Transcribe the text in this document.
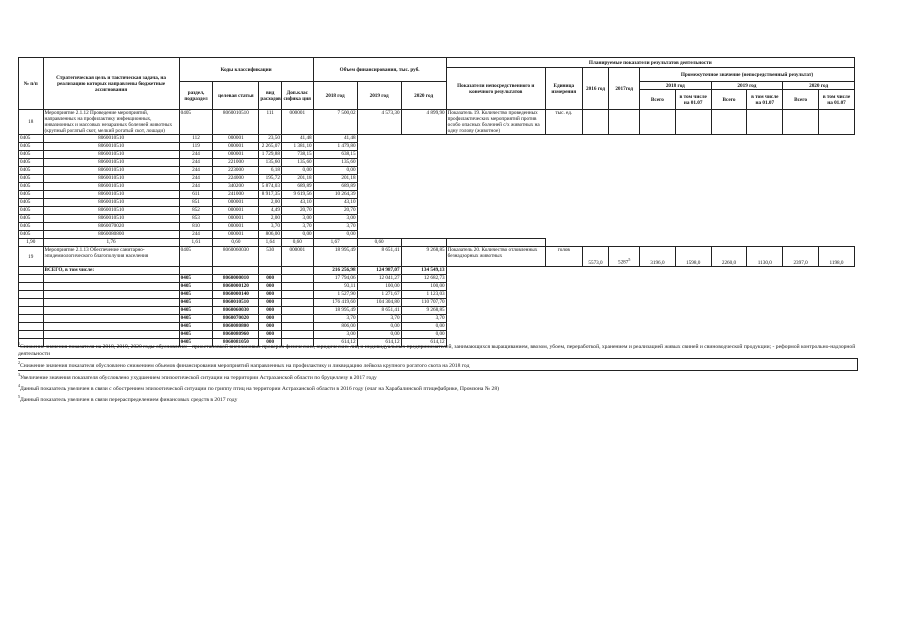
№ п/п	Стратегическая цель и тактическая задача, на реализацию которых направлены бюджетные ассигнования	Коды классификации				Объем финансирования, тыс. руб.			Планируемые показатели результатов деятельности									
									Показатели непосредственного и конечного результатов	Единица измерения	2016 год	2017год	Промежуточное значение (непосредственный результат)					
		раздел, подраздел	целевая статья	вид расходов	Доп.клас сифика ция	2018 год	2019 год	2020 год					2018 год		2019 год		2020 год	
													Всего	в том числе на 01.07	Всего	в том числе на 01.07	Всего	в том числе на 01.07
18	Мероприятие 2.1.12 Проведение мероприятий, направленных на профилактику инфекционных, инвазионных и массовых незаразных болезней животных (крупный рогатый скот, мелкий рогатый скот, лошади)	0405	8060010510	111	000001	7 500,02	4 573,30	4 899,90	Показатель 19. Количество проведенных профилактических мероприятий против особо опасных болезней с/х животных на одну голову (животное)	тыс. ед.								
0405	8060010510	112	000001	23,50	41,48	41,48												
0405	8060010510	119	000001	2 265,07	1 381,10	1 479,80												
0405	8060010510	244	000001	1 729,88	738,15	638,15												
0405	8060010510	244	221000	135,60	135,60	135,60												
0405	8060010510	244	223000	6,18	0,00	0,00												
0405	8060010510	244	224000	195,72	201,18	201,18												
0405	8060010510	244	340200	5 874,03	689,89	689,89												
0405	8060010510	611	241000	8 917,35	9 619,56	10 264,39												
0405	8060010510	851	000001	2,00	43,10	43,10												
0405	8060010510	852	000001	4,49	20,70	20,70												
0405	8060010510	853	000001	2,00	3,00	3,00												
0405	8060070020	810	000001	3,70	3,70	3,70												
0405	8060080800	244	000001	806,00	0,00	0,00												
1,90	1,76	1,61	0,60	1,64	0,60	1,67	0,60											
19	Мероприятие 2.1.13 Обеспечение санитарно-эпидемиологического благополучия населения	0405	8060060030	530	000001	18 995,49	8 651,41	9 268,85	Показатель 20. Количество отловленных безнадзорных животных	голов	5573,0	5287$^5$	3196,0	1598,0	2260,0	1130,0	2397,0	1198,0
	ВСЕГО, в том числе:					216 256,98	124 987,07	134 549,13										
		0405	8060000010	000		17 794,06	12 041,27	12 682,73										
		0405	8060000120	000		93,11	100,00	100,00										
		0405	8060000140	000		1 527,90	1 271,67	1 123,03										
		0405	8060010510	000		176 419,60	104 304,80	110 707,70										
		0405	8060060030	000		18 995,49	8 651,41	9 268,85										
		0405	8060070020	000		3,70	3,70	3,70										
		0405	8060080800	000		806,00	0,00	0,00										
		0405	8060080960	000		3,00	0,00	0,00										
		0405	8060081050	000		614,12	614,12	614,12										
$^1$Снижение значения показателя на 2018, 2019, 2020 годы обусловлено: - приостановкой внеплановых проверок физических, юридических лиц и индивидуальных предпринимателей, занимающихся выращиванием, ввозом, убоем, переработкой, хранением и реализацией живых свиней и свиноводческой продукции; - реформой контрольно-надзорной деятельности
$^2$Снижение значения показателя обусловлено снижением объемов финансирования мероприятий направленных на профилактику и ликвидацию лейкоза крупного рогатого скота на 2018 год
$^3$Увеличение значения показателя обусловлено ухудшением эпизоотической ситуации на территории Астраханской области по бруцеллезу в 2017 году
$^4$Данный показатель увеличен в связи с обострением эпизоотической ситуации по гриппу птиц на территории Астраханской области в 2016 году (очаг на Харабалинской птицефабрике, Промзона № 28)
$^5$Данный показатель увеличен в связи перераспределением финансовых средств в 2017 году
